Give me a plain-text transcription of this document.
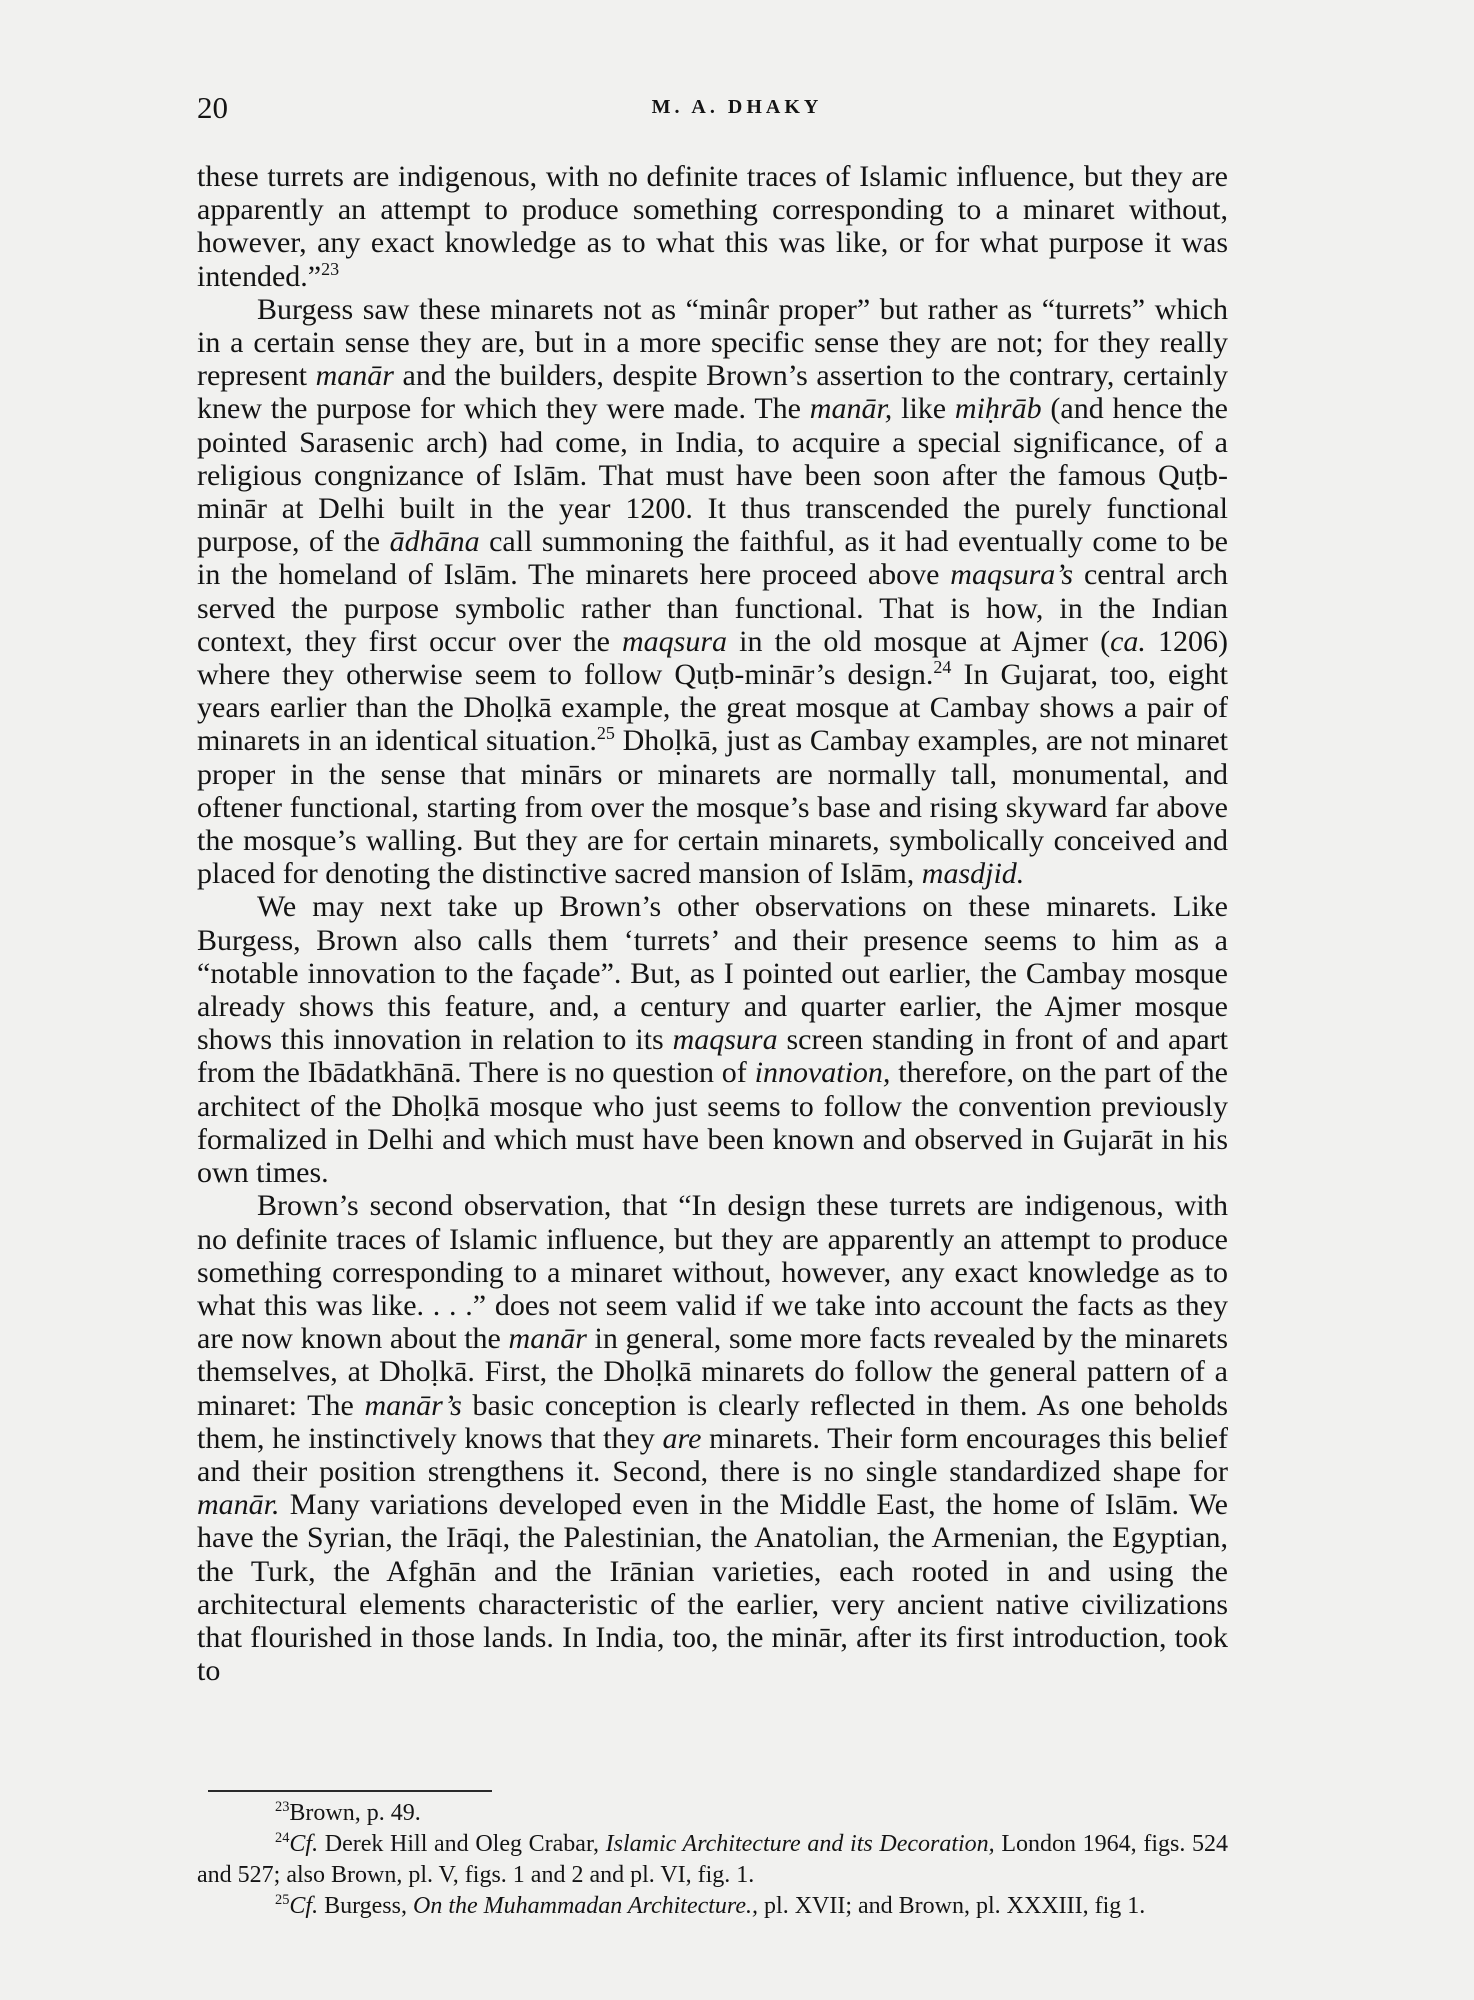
20	M. A. DHAKY

these turrets are indigenous, with no definite traces of Islamic influence, but they are apparently an attempt to produce something corresponding to a minaret without, however, any exact knowledge as to what this was like, or for what purpose it was intended.”$^{23}$

Burgess saw these minarets not as “minâr proper” but rather as “turrets” which in a certain sense they are, but in a more specific sense they are not; for they really represent manār and the builders, despite Brown’s assertion to the contrary, certainly knew the purpose for which they were made. The manār, like miḥrāb (and hence the pointed Sarasenic arch) had come, in India, to acquire a special significance, of a religious congnizance of Islām. That must have been soon after the famous Quṭb-minār at Delhi built in the year 1200. It thus transcended the purely functional purpose, of the ādhāna call summoning the faithful, as it had eventually come to be in the homeland of Islām. The minarets here proceed above maqsura’s central arch served the purpose symbolic rather than functional. That is how, in the Indian context, they first occur over the maqsura in the old mosque at Ajmer (ca. 1206) where they otherwise seem to follow Quṭb-minār’s design.$^{24}$ In Gujarat, too, eight years earlier than the Dhoḷkā example, the great mosque at Cambay shows a pair of minarets in an identical situation.$^{25}$ Dhoḷkā, just as Cambay examples, are not minaret proper in the sense that minārs or minarets are normally tall, monumental, and oftener functional, starting from over the mosque’s base and rising skyward far above the mosque’s walling. But they are for certain minarets, symbolically conceived and placed for denoting the distinctive sacred mansion of Islām, masdjid.

We may next take up Brown’s other observations on these minarets. Like Burgess, Brown also calls them ‘turrets’ and their presence seems to him as a “notable innovation to the façade”. But, as I pointed out earlier, the Cambay mosque already shows this feature, and, a century and quarter earlier, the Ajmer mosque shows this innovation in relation to its maqsura screen standing in front of and apart from the Ibādatkhānā. There is no question of innovation, therefore, on the part of the architect of the Dhoḷkā mosque who just seems to follow the convention previously formalized in Delhi and which must have been known and observed in Gujarāt in his own times.

Brown’s second observation, that “In design these turrets are indigenous, with no definite traces of Islamic influence, but they are apparently an attempt to produce something corresponding to a minaret without, however, any exact knowledge as to what this was like. . . .” does not seem valid if we take into account the facts as they are now known about the manār in general, some more facts revealed by the minarets themselves, at Dhoḷkā. First, the Dhoḷkā minarets do follow the general pattern of a minaret: The manār’s basic conception is clearly reflected in them. As one beholds them, he instinctively knows that they are minarets. Their form encourages this belief and their position strengthens it. Second, there is no single standardized shape for manār. Many variations developed even in the Middle East, the home of Islām. We have the Syrian, the Irāqi, the Palestinian, the Anatolian, the Armenian, the Egyptian, the Turk, the Afghān and the Irānian varieties, each rooted in and using the architectural elements characteristic of the earlier, very ancient native civilizations that flourished in those lands. In India, too, the minār, after its first introduction, took to

$^{23}$Brown, p. 49.

$^{24}$Cf. Derek Hill and Oleg Crabar, Islamic Architecture and its Decoration, London 1964, figs. 524 and 527; also Brown, pl. V, figs. 1 and 2 and pl. VI, fig. 1.

$^{25}$Cf. Burgess, On the Muhammadan Architecture., pl. XVII; and Brown, pl. XXXIII, fig 1.
